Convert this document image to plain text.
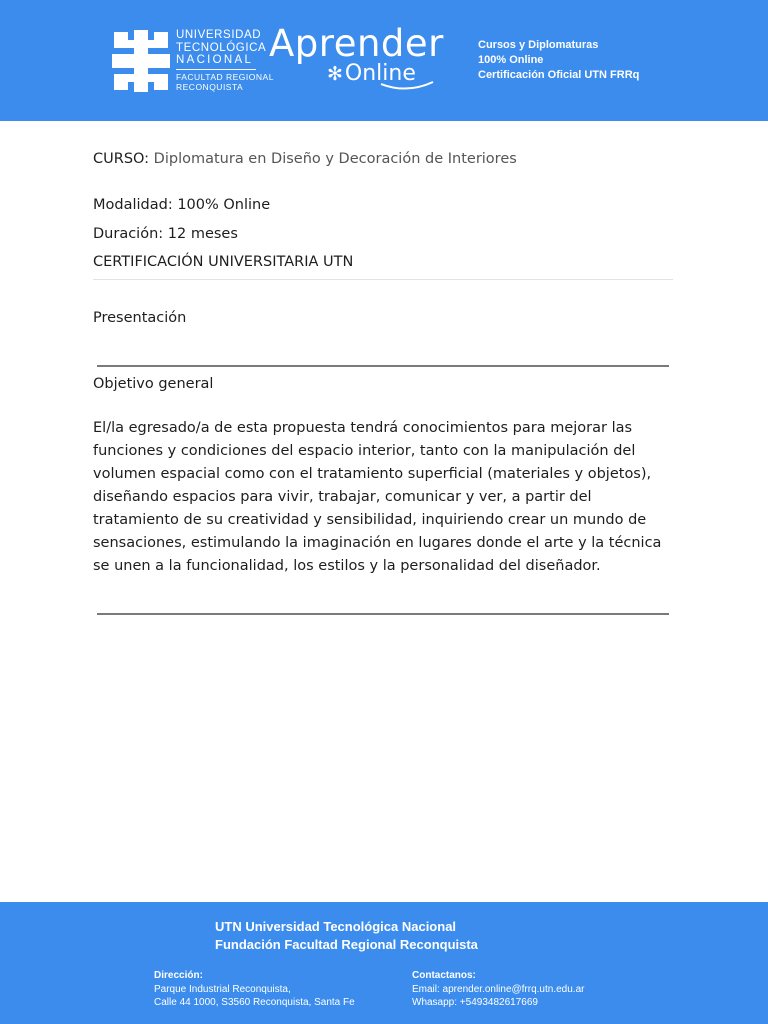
UNIVERSIDAD
TECNOLÓGICA
NACIONAL
FACULTAD REGIONAL
RECONQUISTA
Aprender
✻ Online
Cursos y Diplomaturas
100% Online
Certificación Oficial UTN FRRq
CURSO: Diplomatura en Diseño y Decoración de Interiores
Modalidad: 100% Online
Duración: 12 meses
CERTIFICACIÓN UNIVERSITARIA UTN
Presentación
Objetivo general
El/la egresado/a de esta propuesta tendrá conocimientos para mejorar las funciones y condiciones del espacio interior, tanto con la manipulación del volumen espacial como con el tratamiento superficial (materiales y objetos), diseñando espacios para vivir, trabajar, comunicar y ver, a partir del tratamiento de su creatividad y sensibilidad, inquiriendo crear un mundo de sensaciones, estimulando la imaginación en lugares donde el arte y la técnica se unen a la funcionalidad, los estilos y la personalidad del diseñador.
UTN Universidad Tecnológica Nacional
Fundación Facultad Regional Reconquista
Dirección:
Parque Industrial Reconquista,
Calle 44 1000, S3560 Reconquista, Santa Fe
Contactanos:
Email: aprender.online@frrq.utn.edu.ar
Whasapp: +5493482617669
